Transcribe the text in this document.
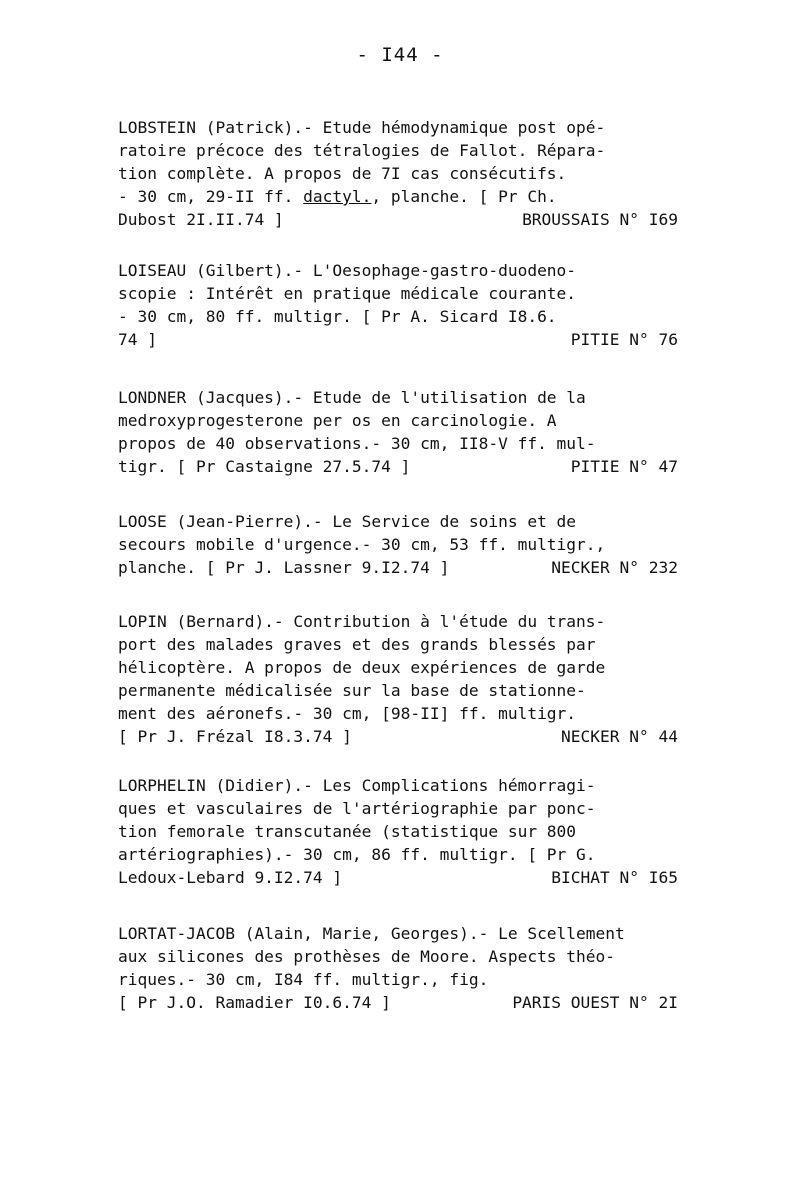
- I44 -
LOBSTEIN (Patrick).- Etude hémodynamique post opé-
ratoire précoce des tétralogies de Fallot. Répara-
tion complète. A propos de 7I cas consécutifs.
- 30 cm, 29-II ff. dactyl., planche. [ Pr Ch.
Dubost 2I.II.74 ]	BROUSSAIS N° I69
LOISEAU (Gilbert).- L'Oesophage-gastro-duodeno-
scopie : Intérêt en pratique médicale courante.
- 30 cm, 80 ff. multigr. [ Pr A. Sicard I8.6.
74 ]	PITIE N° 76
LONDNER (Jacques).- Etude de l'utilisation de la
medroxyprogesterone per os en carcinologie. A
propos de 40 observations.- 30 cm, II8-V ff. mul-
tigr. [ Pr Castaigne 27.5.74 ]	PITIE N° 47
LOOSE (Jean-Pierre).- Le Service de soins et de
secours mobile d'urgence.- 30 cm, 53 ff. multigr.,
planche. [ Pr J. Lassner 9.I2.74 ]	NECKER N° 232
LOPIN (Bernard).- Contribution à l'étude du trans-
port des malades graves et des grands blessés par
hélicoptère. A propos de deux expériences de garde
permanente médicalisée sur la base de stationne-
ment des aéronefs.- 30 cm, [98-II] ff. multigr.
[ Pr J. Frézal I8.3.74 ]	NECKER N° 44
LORPHELIN (Didier).- Les Complications hémorragi-
ques et vasculaires de l'artériographie par ponc-
tion femorale transcutanée (statistique sur 800
artériographies).- 30 cm, 86 ff. multigr. [ Pr G.
Ledoux-Lebard 9.I2.74 ]	BICHAT N° I65
LORTAT-JACOB (Alain, Marie, Georges).- Le Scellement
aux silicones des prothèses de Moore. Aspects théo-
riques.- 30 cm, I84 ff. multigr., fig.
[ Pr J.O. Ramadier I0.6.74 ]	PARIS OUEST N° 2I
